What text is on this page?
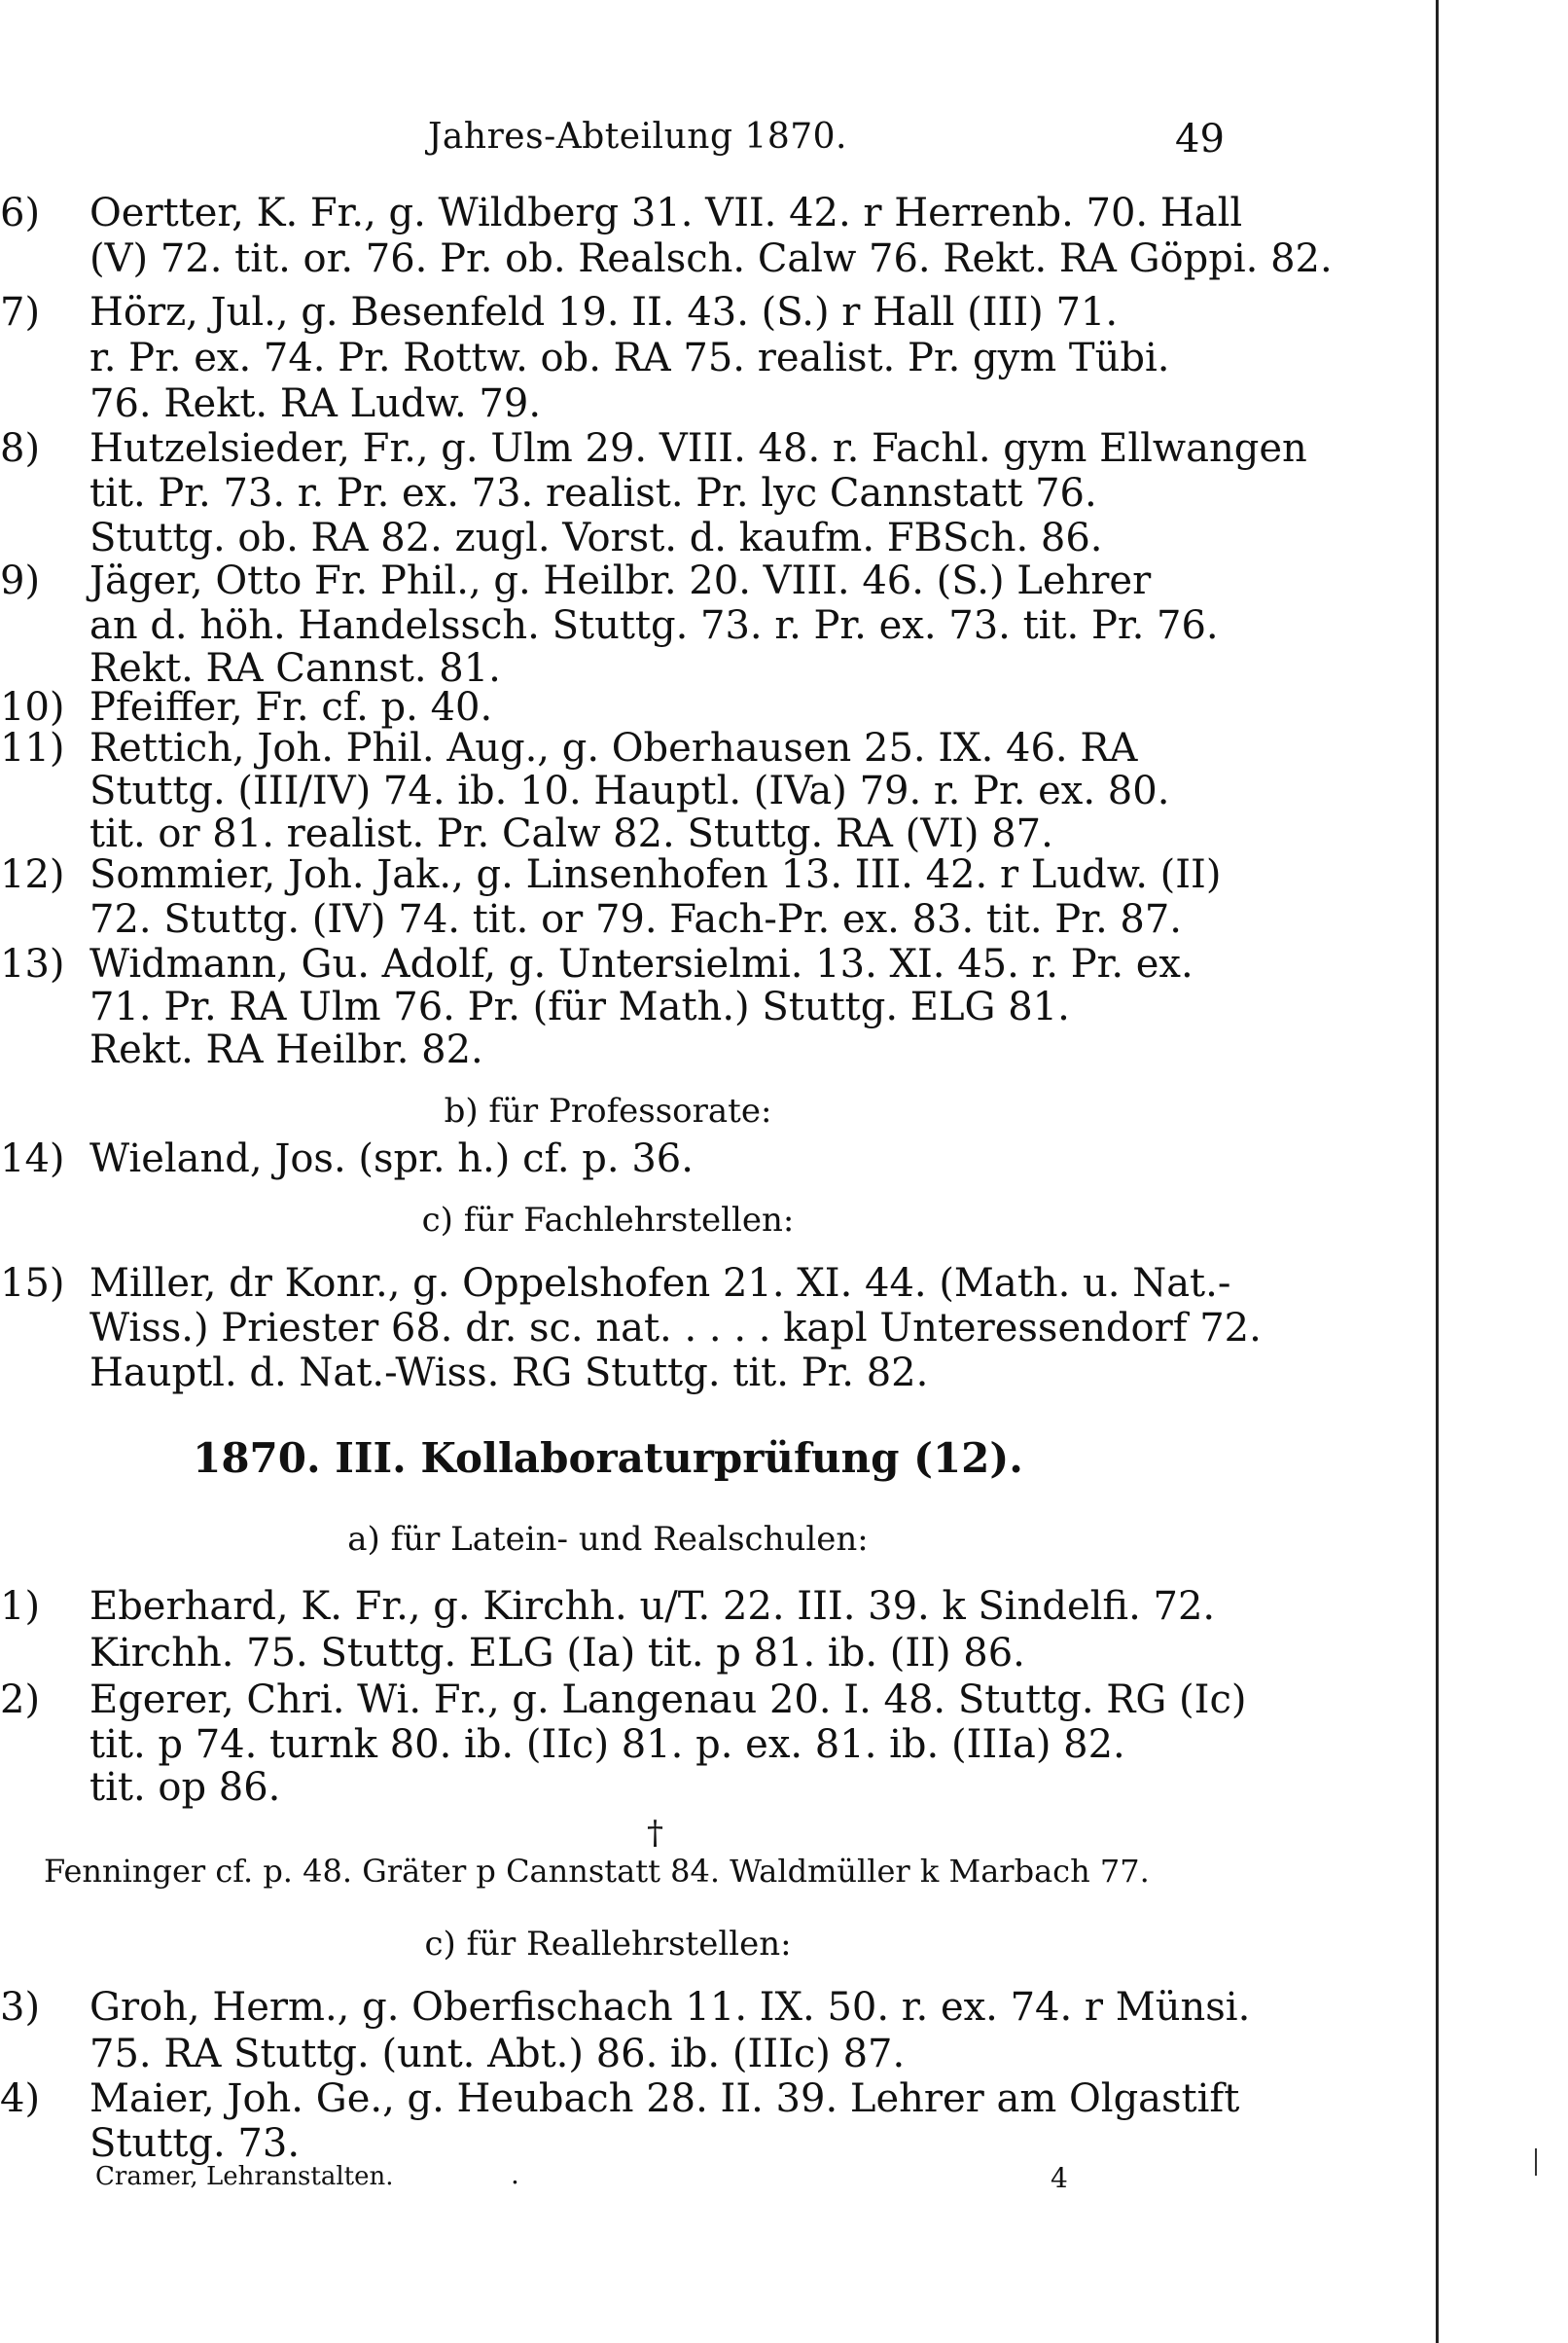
Jahres-Abteilung 1870.	49
6)	Oertter, K. Fr., g. Wildberg 31. VII. 42. r Herrenb. 70. Hall
(V) 72. tit. or. 76. Pr. ob. Realsch. Calw 76. Rekt. RA Göppi. 82.
7)	Hörz, Jul., g. Besenfeld 19. II. 43. (S.) r Hall (III) 71.
r. Pr. ex. 74. Pr. Rottw. ob. RA 75. realist. Pr. gym Tübi.
76. Rekt. RA Ludw. 79.
8)	Hutzelsieder, Fr., g. Ulm 29. VIII. 48. r. Fachl. gym Ellwangen
tit. Pr. 73. r. Pr. ex. 73. realist. Pr. lyc Cannstatt 76.
Stuttg. ob. RA 82. zugl. Vorst. d. kaufm. FBSch. 86.
9)	Jäger, Otto Fr. Phil., g. Heilbr. 20. VIII. 46. (S.) Lehrer
an d. höh. Handelssch. Stuttg. 73. r. Pr. ex. 73. tit. Pr. 76.
Rekt. RA Cannst. 81.
10) Pfeiffer, Fr. cf. p. 40.
11) Rettich, Joh. Phil. Aug., g. Oberhausen 25. IX. 46. RA
Stuttg. (III/IV) 74. ib. 10. Hauptl. (IVa) 79. r. Pr. ex. 80.
tit. or 81. realist. Pr. Calw 82. Stuttg. RA (VI) 87.
12) Sommier, Joh. Jak., g. Linsenhofen 13. III. 42. r Ludw. (II)
72. Stuttg. (IV) 74. tit. or 79. Fach-Pr. ex. 83. tit. Pr. 87.
13) Widmann, Gu. Adolf, g. Untersielmi. 13. XI. 45. r. Pr. ex.
71. Pr. RA Ulm 76. Pr. (für Math.) Stuttg. ELG 81.
Rekt. RA Heilbr. 82.
b) für Professorate:
14) Wieland, Jos. (spr. h.) cf. p. 36.
c) für Fachlehrstellen:
15) Miller, dr Konr., g. Oppelshofen 21. XI. 44. (Math. u. Nat.-
Wiss.) Priester 68. dr. sc. nat. . . . . kapl Unteressendorf 72.
Hauptl. d. Nat.-Wiss. RG Stuttg. tit. Pr. 82.
1870. III. Kollaboraturprüfung (12).
a) für Latein- und Realschulen:
1)	Eberhard, K. Fr., g. Kirchh. u/T. 22. III. 39. k Sindelfi. 72.
Kirchh. 75. Stuttg. ELG (Ia) tit. p 81. ib. (II) 86.
2)	Egerer, Chri. Wi. Fr., g. Langenau 20. I. 48. Stuttg. RG (Ic)
tit. p 74. turnk 80. ib. (IIc) 81. p. ex. 81. ib. (IIIa) 82.
tit. op 86.
†
Fenninger cf. p. 48. Gräter p Cannstatt 84. Waldmüller k Marbach 77.
c) für Reallehrstellen:
3)	Groh, Herm., g. Oberfischach 11. IX. 50. r. ex. 74. r Münsi.
75. RA Stuttg. (unt. Abt.) 86. ib. (IIIc) 87.
4)	Maier, Joh. Ge., g. Heubach 28. II. 39. Lehrer am Olgastift
Stuttg. 73.
Cramer, Lehranstalten.	.	4
